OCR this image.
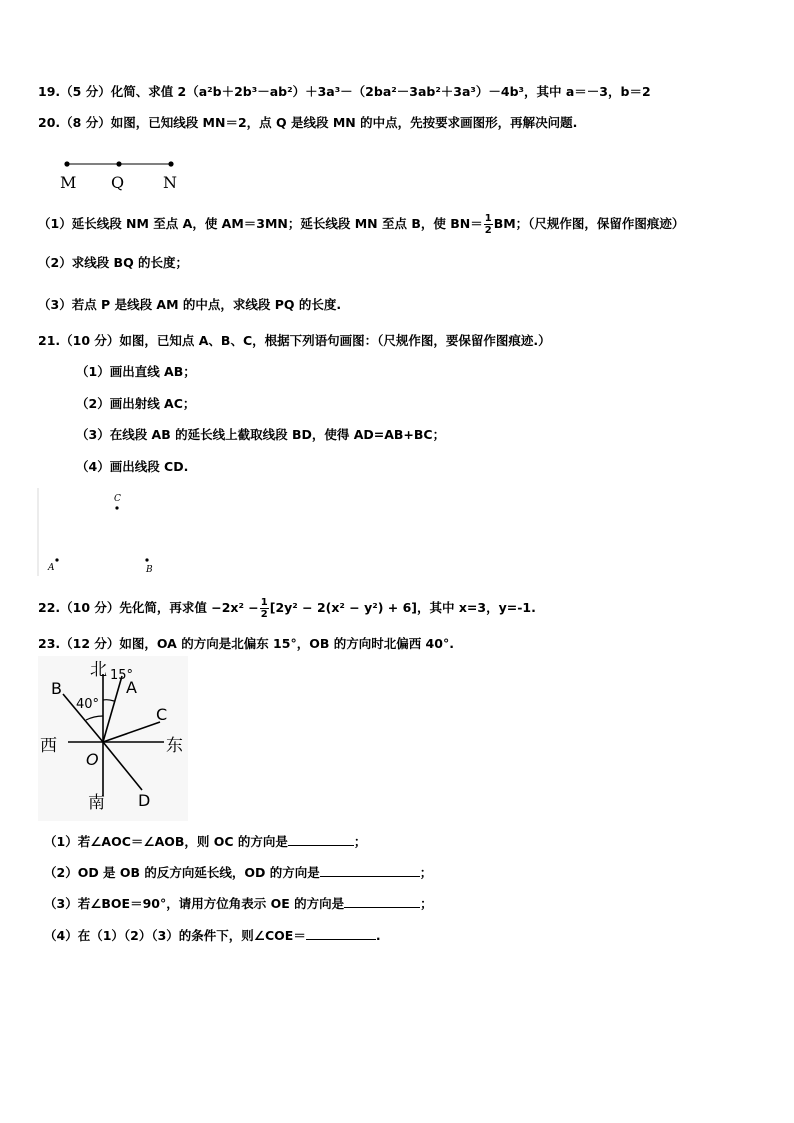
19.（5 分）化简、求值 2（a²b＋2b³－ab²）＋3a³－（2ba²－3ab²＋3a³）－4b³，其中 a＝－3，b＝2
20.（8 分）如图，已知线段 MN＝2，点 Q 是线段 MN 的中点，先按要求画图形，再解决问题.
M Q N
（1）延长线段 NM 至点 A，使 AM＝3MN；延长线段 MN 至点 B，使 $BN= \frac{1}{2}$ BM；（尺规作图，保留作图痕迹）
（2）求线段 BQ 的长度；
（3）若点 P 是线段 AM 的中点，求线段 PQ 的长度.
21.（10 分）如图，已知点 A、B、C，根据下列语句画图：（尺规作图，要保留作图痕迹.）
（1）画出直线 AB；
（2）画出射线 AC；
（3）在线段 AB 的延长线上截取线段 BD，使得 AD=AB+BC；
（4）画出线段 CD.
C
A	B
22.（10 分）先化简，再求值 $-2x^2 - \frac{1}{2} [2y^2 - 2(x^2 - y^2) + 6]$，其中 x=3，y=-1.
23.（12 分）如图，OA 的方向是北偏东 15°，OB 的方向时北偏西 40°.
北 15°
A
B
40°
C
西	东
O
南 D
（1）若∠AOC＝∠AOB，则 OC 的方向是	；
（2）OD 是 OB 的反方向延长线，OD 的方向是	；
（3）若∠BOE＝90°，请用方位角表示 OE 的方向是	；
（4）在（1）（2）（3）的条件下，则∠COE＝	.
